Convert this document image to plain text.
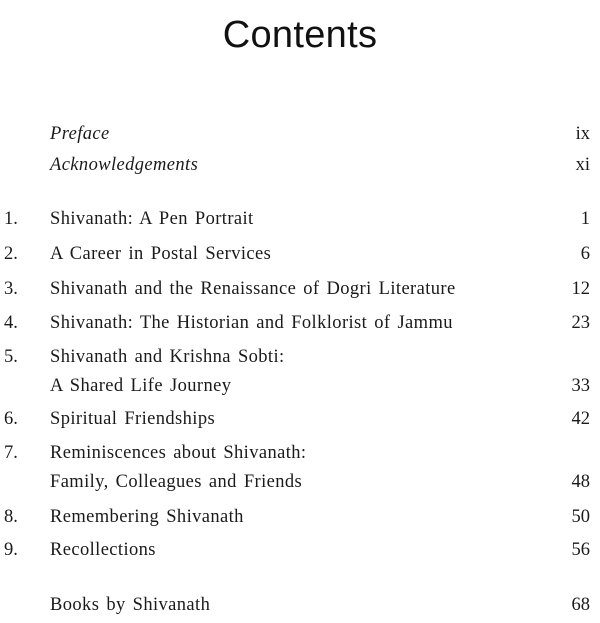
Contents
Preface	ix
Acknowledgements	xi
1. Shivanath: A Pen Portrait	1
2. A Career in Postal Services	6
3. Shivanath and the Renaissance of Dogri Literature	12
4. Shivanath: The Historian and Folklorist of Jammu	23
5. Shivanath and Krishna Sobti:
A Shared Life Journey	33
6. Spiritual Friendships	42
7. Reminiscences about Shivanath:
Family, Colleagues and Friends	48
8. Remembering Shivanath	50
9. Recollections	56
Books by Shivanath	68
